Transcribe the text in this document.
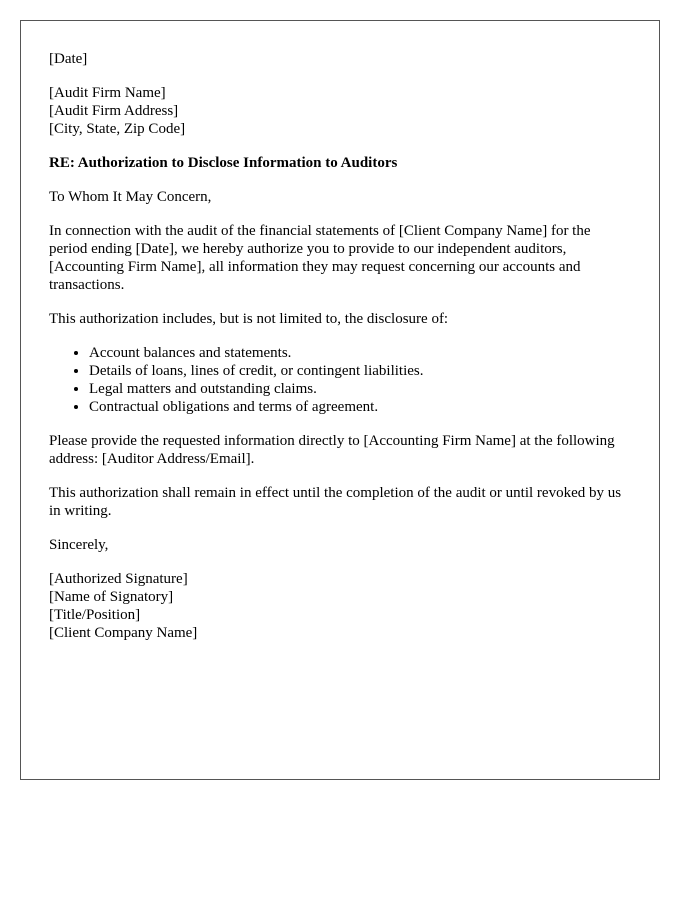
[Date]

[Audit Firm Name]
[Audit Firm Address]
[City, State, Zip Code]

RE: Authorization to Disclose Information to Auditors

To Whom It May Concern,

In connection with the audit of the financial statements of [Client Company Name] for the period ending [Date], we hereby authorize you to provide to our independent auditors, [Accounting Firm Name], all information they may request concerning our accounts and transactions.

This authorization includes, but is not limited to, the disclosure of:

• Account balances and statements.
• Details of loans, lines of credit, or contingent liabilities.
• Legal matters and outstanding claims.
• Contractual obligations and terms of agreement.

Please provide the requested information directly to [Accounting Firm Name] at the following address: [Auditor Address/Email].

This authorization shall remain in effect until the completion of the audit or until revoked by us in writing.

Sincerely,

[Authorized Signature]
[Name of Signatory]
[Title/Position]
[Client Company Name]
